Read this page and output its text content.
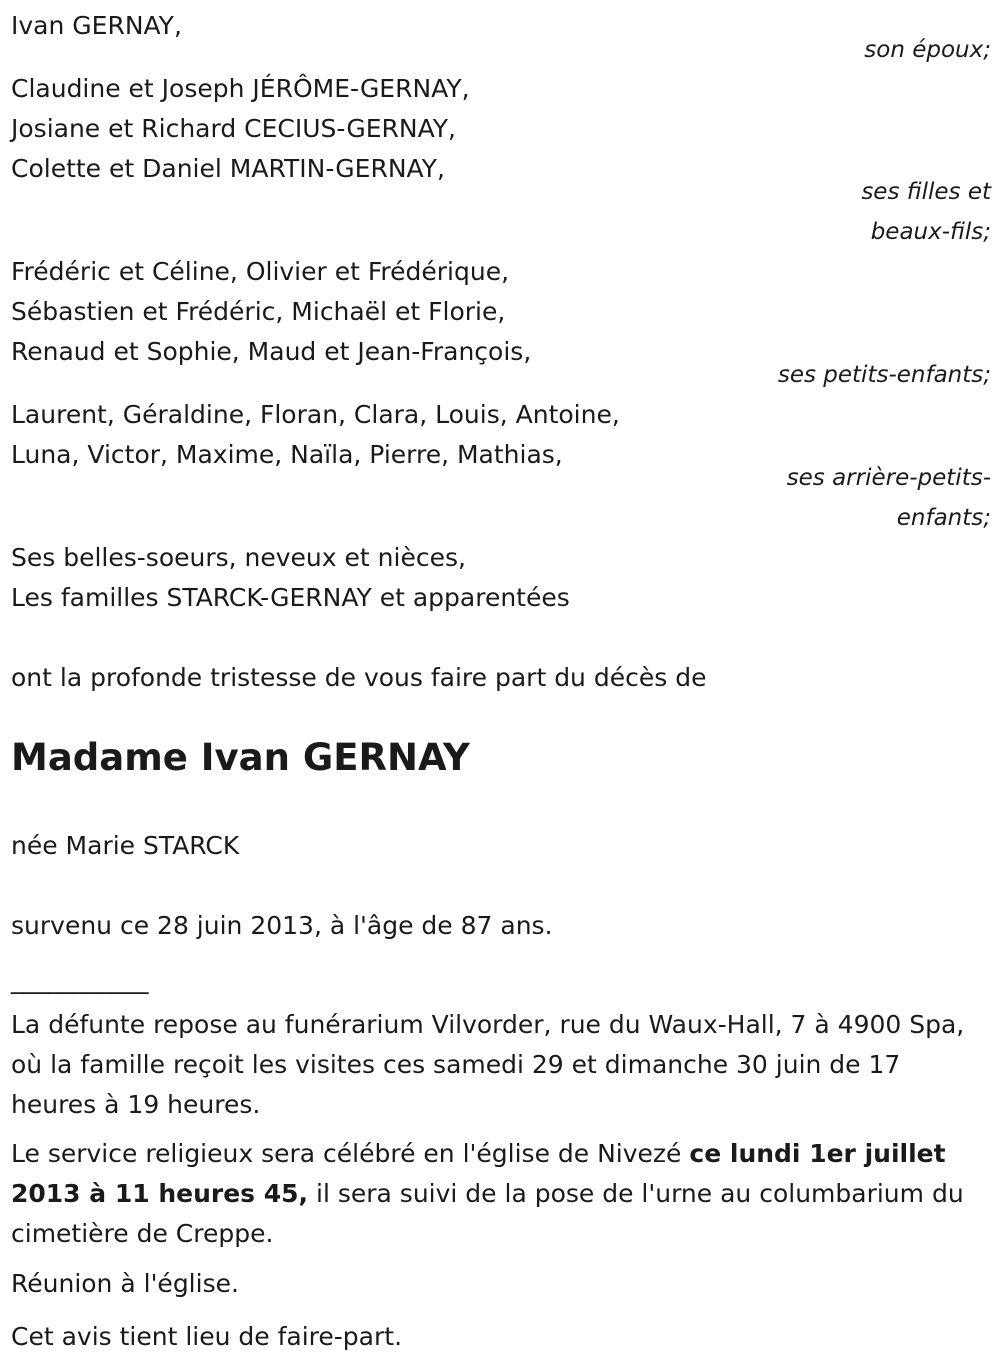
Ivan GERNAY,
son époux;
Claudine et Joseph JÉRÔME-GERNAY,
Josiane et Richard CECIUS-GERNAY,
Colette et Daniel MARTIN-GERNAY,
ses filles et
beaux-fils;
Frédéric et Céline, Olivier et Frédérique,
Sébastien et Frédéric, Michaël et Florie,
Renaud et Sophie, Maud et Jean-François,
ses petits-enfants;
Laurent, Géraldine, Floran, Clara, Louis, Antoine,
Luna, Victor, Maxime, Naïla, Pierre, Mathias,
ses arrière-petits-
enfants;
Ses belles-soeurs, neveux et nièces,
Les familles STARCK-GERNAY et apparentées
ont la profonde tristesse de vous faire part du décès de
Madame Ivan GERNAY
née Marie STARCK
survenu ce 28 juin 2013, à l'âge de 87 ans.
___________
La défunte repose au funérarium Vilvorder, rue du Waux-Hall, 7 à 4900 Spa, où la famille reçoit les visites ces samedi 29 et dimanche 30 juin de 17 heures à 19 heures.
Le service religieux sera célébré en l'église de Nivezé ce lundi 1er juillet 2013 à 11 heures 45, il sera suivi de la pose de l'urne au columbarium du cimetière de Creppe.
Réunion à l'église.
Cet avis tient lieu de faire-part.
